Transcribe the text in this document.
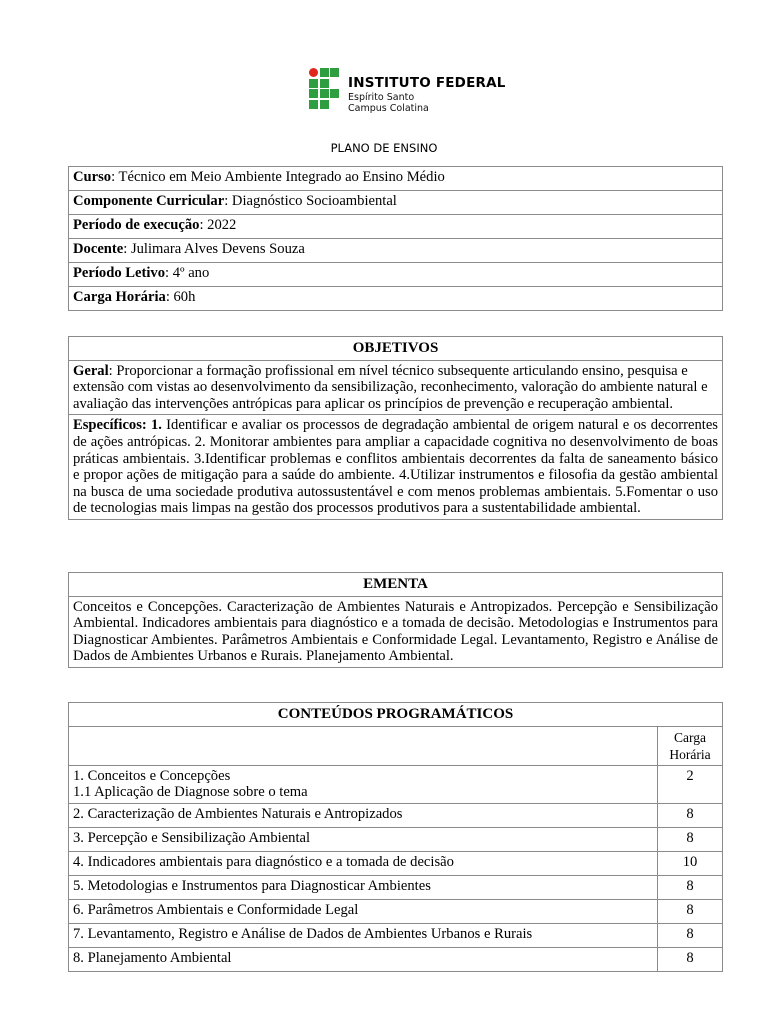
INSTITUTO FEDERAL
Espírito Santo
Campus Colatina
PLANO DE ENSINO
Curso: Técnico em Meio Ambiente Integrado ao Ensino Médio
Componente Curricular: Diagnóstico Socioambiental
Período de execução: 2022
Docente: Julimara Alves Devens Souza
Período Letivo: 4º ano
Carga Horária: 60h
OBJETIVOS
Geral: Proporcionar a formação profissional em nível técnico subsequente articulando ensino, pesquisa e extensão com vistas ao desenvolvimento da sensibilização, reconhecimento, valoração do ambiente natural e avaliação das intervenções antrópicas para aplicar os princípios de prevenção e recuperação ambiental.
Específicos: 1. Identificar e avaliar os processos de degradação ambiental de origem natural e os decorrentes de ações antrópicas. 2. Monitorar ambientes para ampliar a capacidade cognitiva no desenvolvimento de boas práticas ambientais. 3.Identificar problemas e conflitos ambientais decorrentes da falta de saneamento básico e propor ações de mitigação para a saúde do ambiente. 4.Utilizar instrumentos e filosofia da gestão ambiental na busca de uma sociedade produtiva autossustentável e com menos problemas ambientais. 5.Fomentar o uso de tecnologias mais limpas na gestão dos processos produtivos para a sustentabilidade ambiental.
EMENTA
Conceitos e Concepções. Caracterização de Ambientes Naturais e Antropizados. Percepção e Sensibilização Ambiental. Indicadores ambientais para diagnóstico e a tomada de decisão. Metodologias e Instrumentos para Diagnosticar Ambientes. Parâmetros Ambientais e Conformidade Legal. Levantamento, Registro e Análise de Dados de Ambientes Urbanos e Rurais. Planejamento Ambiental.
CONTEÚDOS PROGRAMÁTICOS	
	Carga
Horária
1. Conceitos e Concepções
1.1 Aplicação de Diagnose sobre o tema	2
2. Caracterização de Ambientes Naturais e Antropizados	8
3. Percepção e Sensibilização Ambiental	8
4. Indicadores ambientais para diagnóstico e a tomada de decisão	10
5. Metodologias e Instrumentos para Diagnosticar Ambientes	8
6. Parâmetros Ambientais e Conformidade Legal	8
7. Levantamento, Registro e Análise de Dados de Ambientes Urbanos e Rurais	8
8. Planejamento Ambiental	8
